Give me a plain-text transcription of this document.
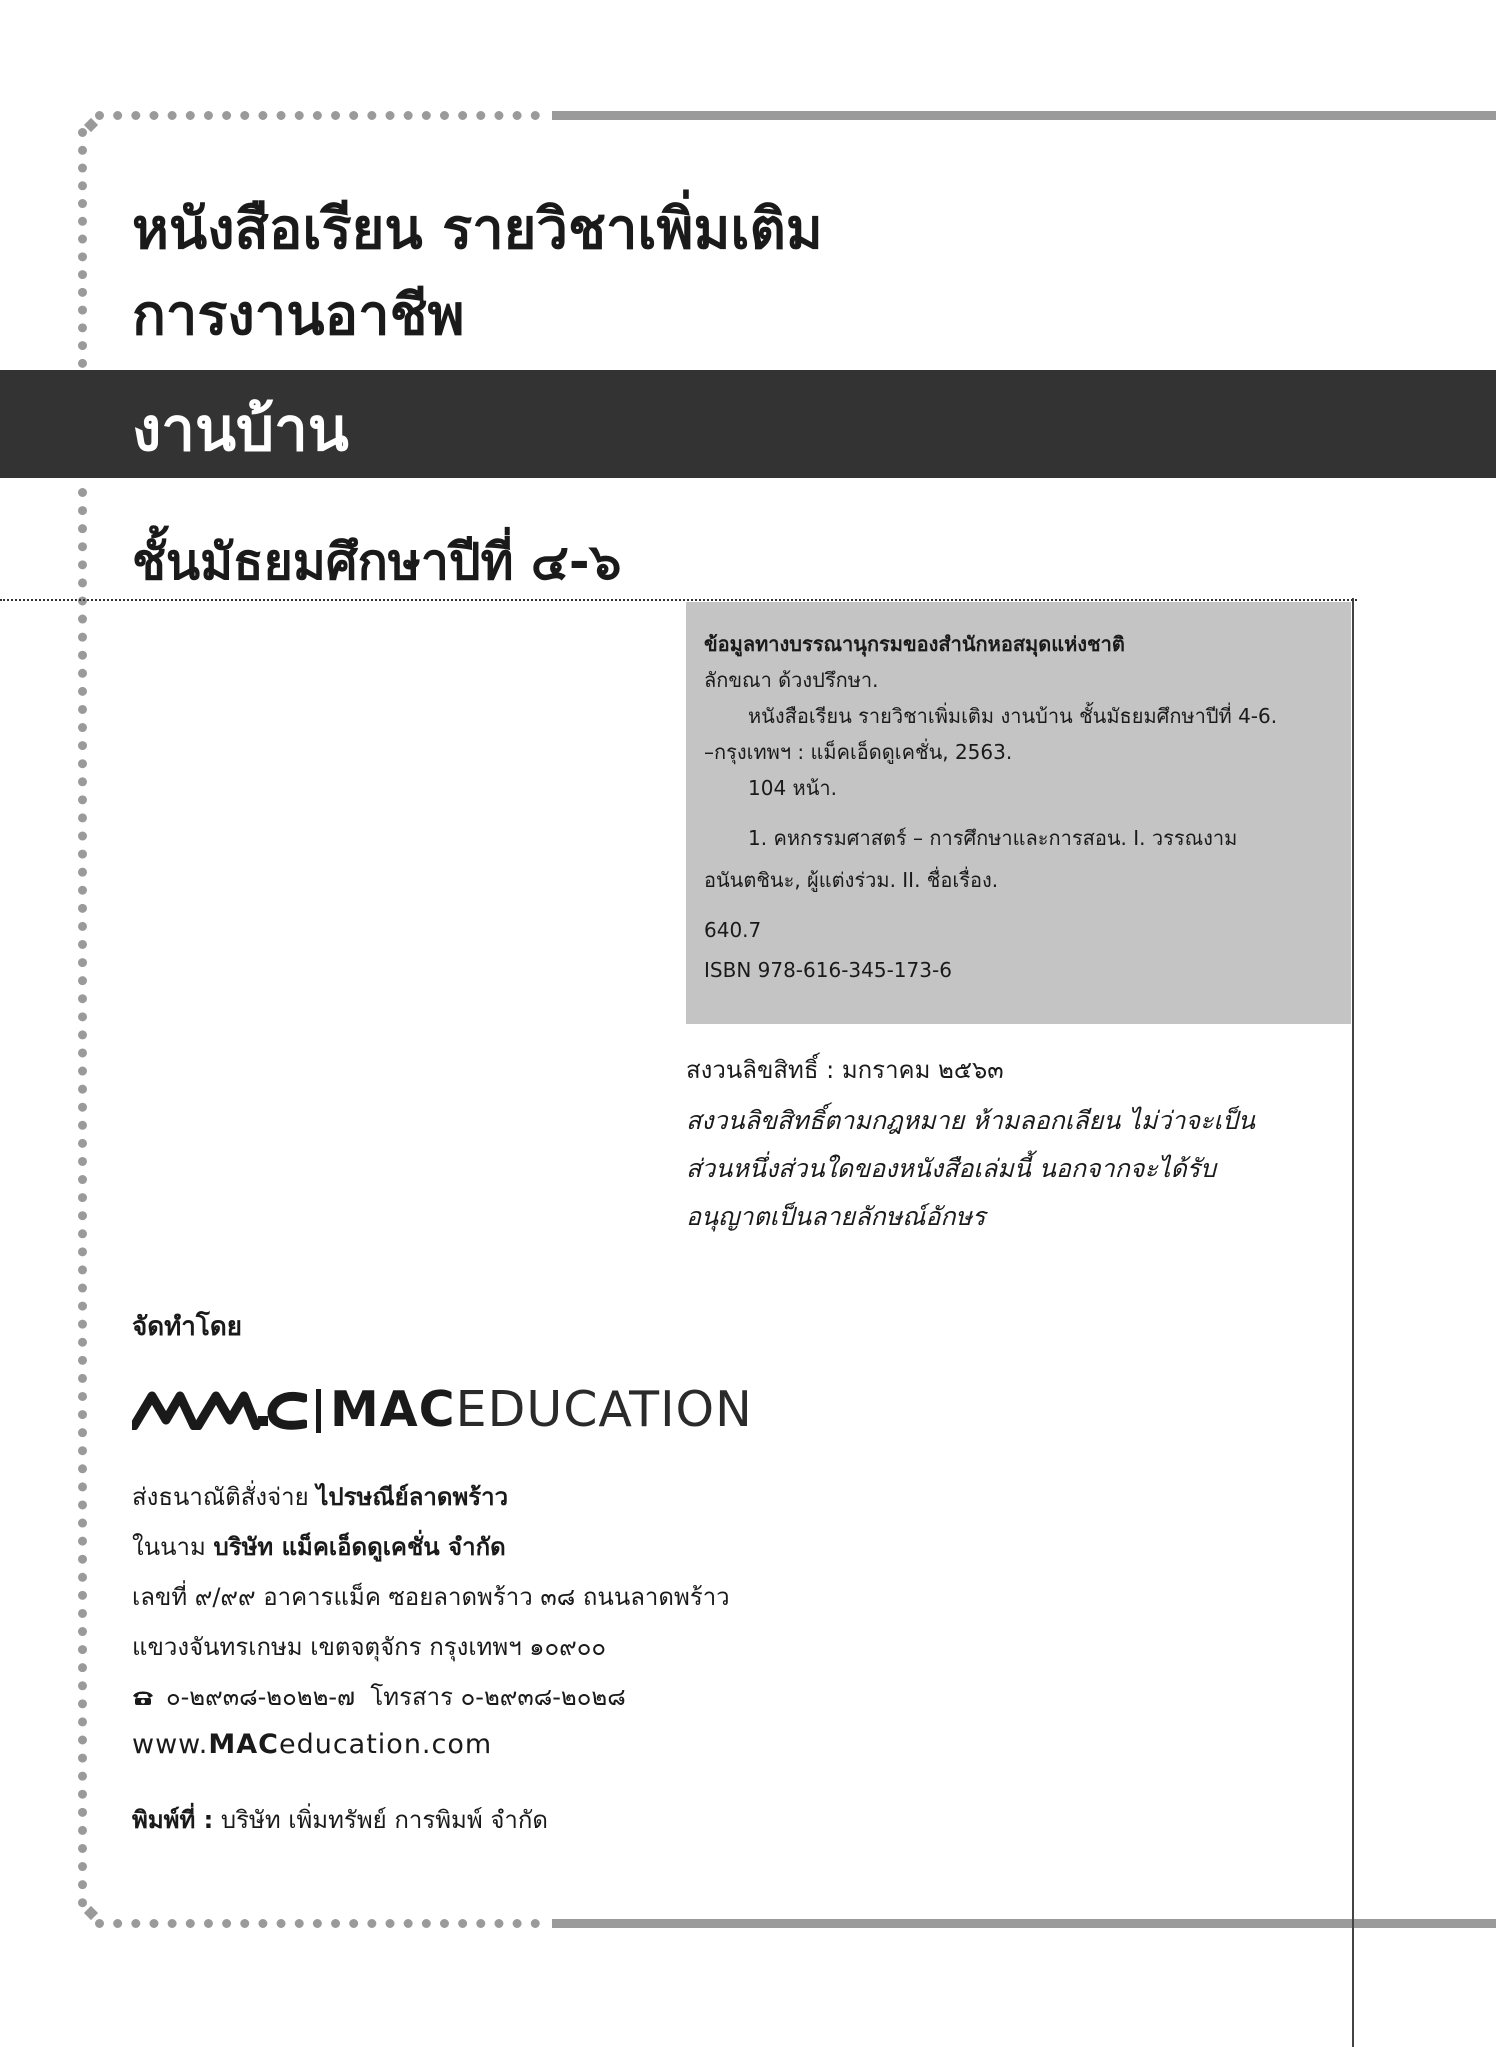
หนังสือเรียน รายวิชาเพิ่มเติม
การงานอาชีพ
งานบ้าน
ชั้นมัธยมศึกษาปีที่ ๔-๖

ข้อมูลทางบรรณานุกรมของสำนักหอสมุดแห่งชาติ

ลักขณา ด้วงปรึกษา.

หนังสือเรียน รายวิชาเพิ่มเติม งานบ้าน ชั้นมัธยมศึกษาปีที่ 4-6.

–กรุงเทพฯ : แม็คเอ็ดดูเคชั่น, 2563.

104 หน้า.

1. คหกรรมศาสตร์ – การศึกษาและการสอน. I. วรรณงาม

อนันตชินะ, ผู้แต่งร่วม. II. ชื่อเรื่อง.

640.7

ISBN 978-616-345-173-6

สงวนลิขสิทธิ์ : มกราคม ๒๕๖๓
สงวนลิขสิทธิ์ตามกฎหมาย ห้ามลอกเลียน ไม่ว่าจะเป็น
ส่วนหนึ่งส่วนใดของหนังสือเล่มนี้ นอกจากจะได้รับ
อนุญาตเป็นลายลักษณ์อักษร
จัดทำโดย
MACEDUCATION
ส่งธนาณัติสั่งจ่าย ไปรษณีย์ลาดพร้าว
ในนาม บริษัท แม็คเอ็ดดูเคชั่น จำกัด
เลขที่ ๙/๙๙ อาคารแม็ค ซอยลาดพร้าว ๓๘ ถนนลาดพร้าว
แขวงจันทรเกษม เขตจตุจักร กรุงเทพฯ ๑๐๙๐๐
๐-๒๙๓๘-๒๐๒๒-๗ โทรสาร ๐-๒๙๓๘-๒๐๒๘
www.MACeducation.com
พิมพ์ที่ : บริษัท เพิ่มทรัพย์ การพิมพ์ จำกัด
